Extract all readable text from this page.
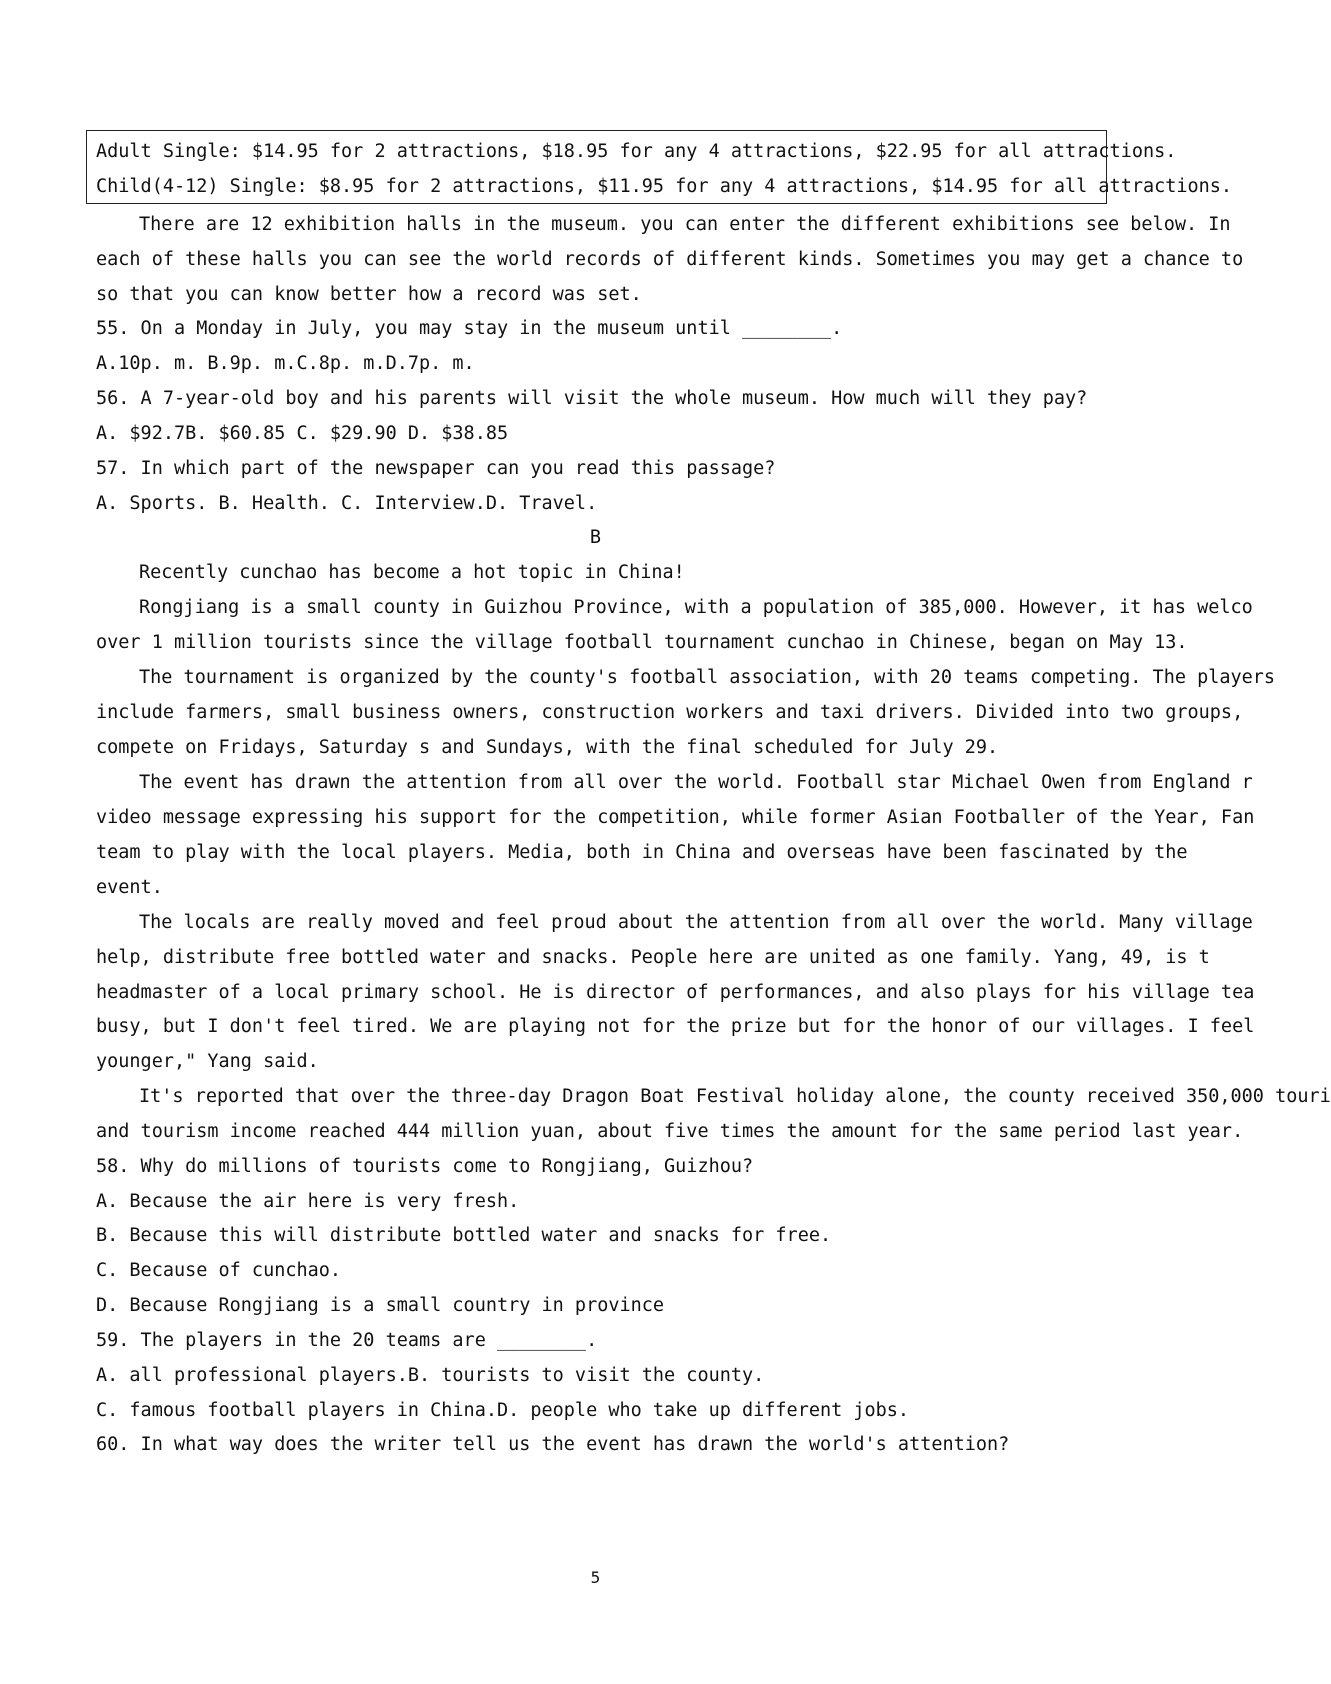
Adult Single: $14.95 for 2 attractions, $18.95 for any 4 attractions, $22.95 for all attractions.
Child(4-12) Single: $8.95 for 2 attractions, $11.95 for any 4 attractions, $14.95 for all attractions.
There are 12 exhibition halls in the museum. you can enter the different exhibitions see below. In
each of these halls you can see the world records of different kinds. Sometimes you may get a chance to
so that you can know better how a record was set.
55. On a Monday in July, you may stay in the museum until ________.
A.10p. m. B.9p. m.C.8p. m.D.7p. m.
56. A 7-year-old boy and his parents will visit the whole museum. How much will they pay?
A. $92.7B. $60.85 C. $29.90 D. $38.85
57. In which part of the newspaper can you read this passage?
A. Sports. B. Health. C. Interview.D. Travel.
B
Recently cunchao has become a hot topic in China!
Rongjiang is a small county in Guizhou Province, with a population of 385,000. However, it has welco
over 1 million tourists since the village football tournament cunchao in Chinese, began on May 13.
The tournament is organized by the county's football association, with 20 teams competing. The players
include farmers, small business owners, construction workers and taxi drivers. Divided into two groups,
compete on Fridays, Saturday s and Sundays, with the final scheduled for July 29.
The event has drawn the attention from all over the world. Football star Michael Owen from England r
video message expressing his support for the competition, while former Asian Footballer of the Year, Fan
team to play with the local players. Media, both in China and overseas have been fascinated by the
event.
The locals are really moved and feel proud about the attention from all over the world. Many village
help, distribute free bottled water and snacks. People here are united as one family. Yang, 49, is t
headmaster of a local primary school. He is director of performances, and also plays for his village tea
busy, but I don't feel tired. We are playing not for the prize but for the honor of our villages. I feel
younger," Yang said.
It's reported that over the three-day Dragon Boat Festival holiday alone, the county received 350,000 touri
and tourism income reached 444 million yuan, about five times the amount for the same period last year.
58. Why do millions of tourists come to Rongjiang, Guizhou?
A. Because the air here is very fresh.
B. Because this will distribute bottled water and snacks for free.
C. Because of cunchao.
D. Because Rongjiang is a small country in province
59. The players in the 20 teams are ________.
A. all professional players.B. tourists to visit the county.
C. famous football players in China.D. people who take up different jobs.
60. In what way does the writer tell us the event has drawn the world's attention?
5
